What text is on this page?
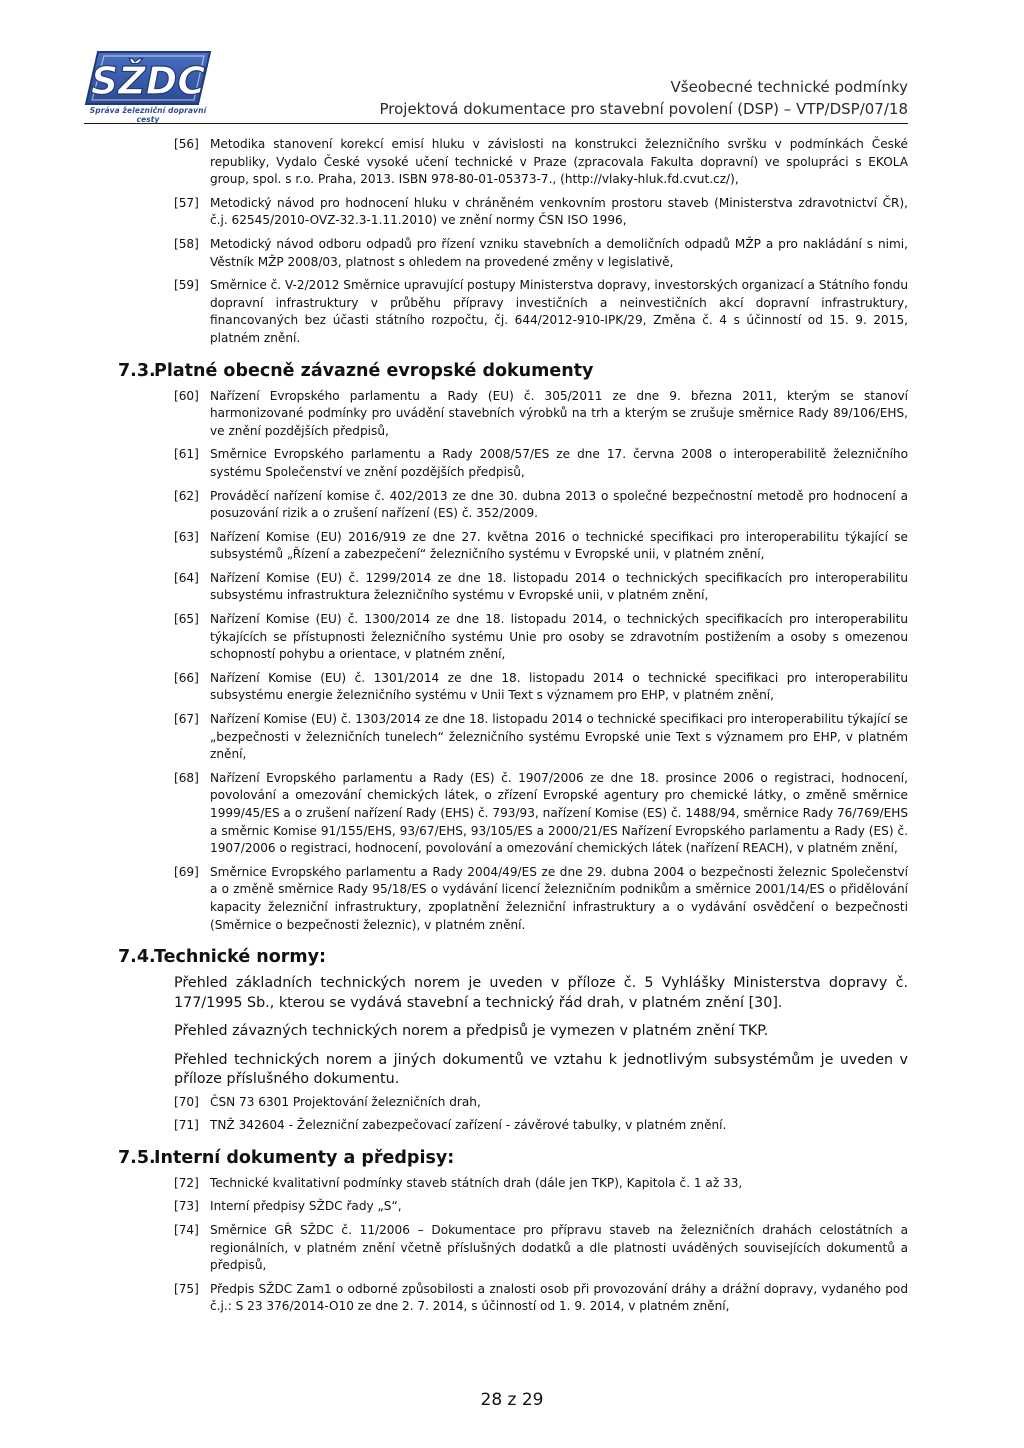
SŽDC
Správa železniční dopravní cesty
Všeobecné technické podmínky
Projektová dokumentace pro stavební povolení (DSP) – VTP/DSP/07/18
[56] Metodika stanovení korekcí emisí hluku v závislosti na konstrukci železničního svršku v podmínkách České republiky, Vydalo České vysoké učení technické v Praze (zpracovala Fakulta dopravní) ve spolupráci s EKOLA group, spol. s r.o. Praha, 2013. ISBN 978-80-01-05373-7., (http://vlaky-hluk.fd.cvut.cz/),
[57] Metodický návod pro hodnocení hluku v chráněném venkovním prostoru staveb (Ministerstva zdravotnictví ČR), č.j. 62545/2010-OVZ-32.3-1.11.2010) ve znění normy ČSN ISO 1996,
[58] Metodický návod odboru odpadů pro řízení vzniku stavebních a demoličních odpadů MŽP a pro nakládání s nimi, Věstník MŽP 2008/03, platnost s ohledem na provedené změny v legislativě,
[59] Směrnice č. V-2/2012 Směrnice upravující postupy Ministerstva dopravy, investorských organizací a Státního fondu dopravní infrastruktury v průběhu přípravy investičních a neinvestičních akcí dopravní infrastruktury, financovaných bez účasti státního rozpočtu, čj. 644/2012-910-IPK/29, Změna č. 4 s účinností od 15. 9. 2015, platném znění.
7.3.
Platné obecně závazné evropské dokumenty
[60] Nařízení Evropského parlamentu a Rady (EU) č. 305/2011 ze dne 9. března 2011, kterým se stanoví harmonizované podmínky pro uvádění stavebních výrobků na trh a kterým se zrušuje směrnice Rady 89/106/EHS, ve znění pozdějších předpisů,
[61] Směrnice Evropského parlamentu a Rady 2008/57/ES ze dne 17. června 2008 o interoperabilitě železničního systému Společenství ve znění pozdějších předpisů,
[62] Prováděcí nařízení komise č. 402/2013 ze dne 30. dubna 2013 o společné bezpečnostní metodě pro hodnocení a posuzování rizik a o zrušení nařízení (ES) č. 352/2009.
[63] Nařízení Komise (EU) 2016/919 ze dne 27. května 2016 o technické specifikaci pro interoperabilitu týkající se subsystémů „Řízení a zabezpečení“ železničního systému v Evropské unii, v platném znění,
[64] Nařízení Komise (EU) č. 1299/2014 ze dne 18. listopadu 2014 o technických specifikacích pro interoperabilitu subsystému infrastruktura železničního systému v Evropské unii, v platném znění,
[65] Nařízení Komise (EU) č. 1300/2014 ze dne 18. listopadu 2014, o technických specifikacích pro interoperabilitu týkajících se přístupnosti železničního systému Unie pro osoby se zdravotním postižením a osoby s omezenou schopností pohybu a orientace, v platném znění,
[66] Nařízení Komise (EU) č. 1301/2014 ze dne 18. listopadu 2014 o technické specifikaci pro interoperabilitu subsystému energie železničního systému v Unii Text s významem pro EHP, v platném znění,
[67] Nařízení Komise (EU) č. 1303/2014 ze dne 18. listopadu 2014 o technické specifikaci pro interoperabilitu týkající se „bezpečnosti v železničních tunelech“ železničního systému Evropské unie Text s významem pro EHP, v platném znění,
[68] Nařízení Evropského parlamentu a Rady (ES) č. 1907/2006 ze dne 18. prosince 2006 o registraci, hodnocení, povolování a omezování chemických látek, o zřízení Evropské agentury pro chemické látky, o změně směrnice 1999/45/ES a o zrušení nařízení Rady (EHS) č. 793/93, nařízení Komise (ES) č. 1488/94, směrnice Rady 76/769/EHS a směrnic Komise 91/155/EHS, 93/67/EHS, 93/105/ES a 2000/21/ES Nařízení Evropského parlamentu a Rady (ES) č. 1907/2006 o registraci, hodnocení, povolování a omezování chemických látek (nařízení REACH), v platném znění,
[69] Směrnice Evropského parlamentu a Rady 2004/49/ES ze dne 29. dubna 2004 o bezpečnosti železnic Společenství a o změně směrnice Rady 95/18/ES o vydávání licencí železničním podnikům a směrnice 2001/14/ES o přidělování kapacity železniční infrastruktury, zpoplatnění železniční infrastruktury a o vydávání osvědčení o bezpečnosti (Směrnice o bezpečnosti železnic), v platném znění.
7.4.
Technické normy:
Přehled základních technických norem je uveden v příloze č. 5 Vyhlášky Ministerstva dopravy č. 177/1995 Sb., kterou se vydává stavební a technický řád drah, v platném znění [30].
Přehled závazných technických norem a předpisů je vymezen v platném znění TKP.
Přehled technických norem a jiných dokumentů ve vztahu k jednotlivým subsystémům je uveden v příloze příslušného dokumentu.
[70] ČSN 73 6301 Projektování železničních drah,
[71] TNŽ 342604 - Železniční zabezpečovací zařízení - závěrové tabulky, v platném znění.
7.5.
Interní dokumenty a předpisy:
[72] Technické kvalitativní podmínky staveb státních drah (dále jen TKP), Kapitola č. 1 až 33,
[73] Interní předpisy SŽDC řady „S“,
[74] Směrnice GŘ SŽDC č. 11/2006 – Dokumentace pro přípravu staveb na železničních drahách celostátních a regionálních, v platném znění včetně příslušných dodatků a dle platnosti uváděných souvisejících dokumentů a předpisů,
[75] Předpis SŽDC Zam1 o odborné způsobilosti a znalosti osob při provozování dráhy a drážní dopravy, vydaného pod č.j.: S 23 376/2014-O10 ze dne 2. 7. 2014, s účinností od 1. 9. 2014, v platném znění,
28 z 29
